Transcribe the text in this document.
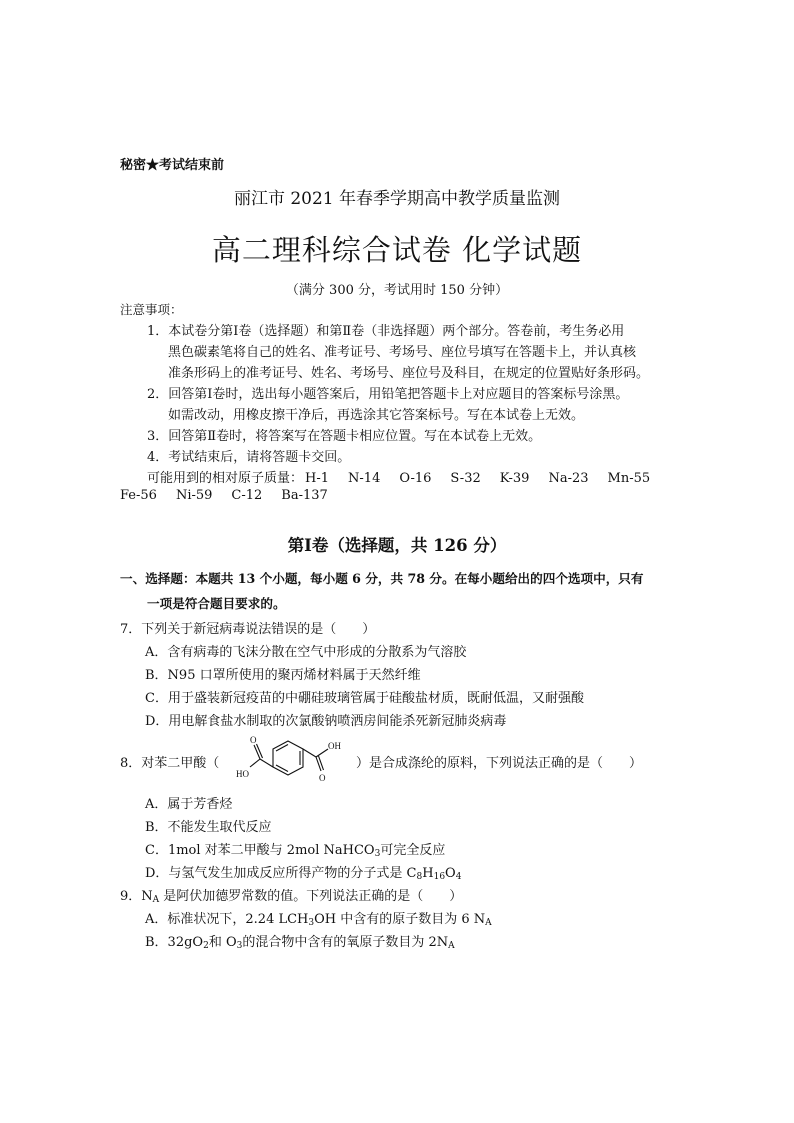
秘密★考试结束前
丽江市 2021 年春季学期高中教学质量监测
高二理科综合试卷 化学试题
（满分 300 分，考试用时 150 分钟）
注意事项：
1．本试卷分第Ⅰ卷（选择题）和第Ⅱ卷（非选择题）两个部分。答卷前，考生务必用
黑色碳素笔将自己的姓名、准考证号、考场号、座位号填写在答题卡上，并认真核
准条形码上的准考证号、姓名、考场号、座位号及科目，在规定的位置贴好条形码。
2．回答第Ⅰ卷时，选出每小题答案后，用铅笔把答题卡上对应题目的答案标号涂黑。
如需改动，用橡皮擦干净后，再选涂其它答案标号。写在本试卷上无效。
3．回答第Ⅱ卷时，将答案写在答题卡相应位置。写在本试卷上无效。
4．考试结束后，请将答题卡交回。
可能用到的相对原子质量： H-1 N-14 O-16 S-32 K-39 Na-23 Mn-55
Fe-56 Ni-59 C-12 Ba-137
第Ⅰ卷（选择题，共 126 分）
一、选择题：本题共 13 个小题，每小题 6 分，共 78 分。在每小题给出的四个选项中，只有
一项是符合题目要求的。
7．下列关于新冠病毒说法错误的是（　　）
A．含有病毒的飞沫分散在空气中形成的分散系为气溶胶
B．N95 口罩所使用的聚丙烯材料属于天然纤维
C．用于盛装新冠疫苗的中硼硅玻璃管属于硅酸盐材质，既耐低温，又耐强酸
D．用电解食盐水制取的次氯酸钠喷洒房间能杀死新冠肺炎病毒
8．对苯二甲酸（
O
HO
OH
O
）是合成涤纶的原料，下列说法正确的是（　　）
A．属于芳香烃
B．不能发生取代反应
C．1mol 对苯二甲酸与 2mol NaHCO$_3$可完全反应
D．与氢气发生加成反应所得产物的分子式是 $C_8H_{16}O_4$
9．$N_A$ 是阿伏加德罗常数的值。下列说法正确的是（　　）
A．标准状况下，2.24 $LCH_3OH$ 中含有的原子数目为 6 $N_A$
B．$32gO_2$和 $O_3$的混合物中含有的氧原子数目为 $2N_A$
